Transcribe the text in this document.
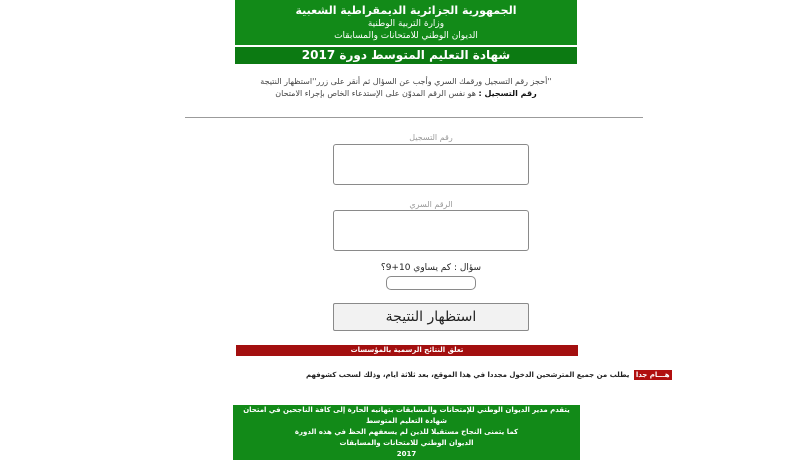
الجمهورية الجزائرية الديمقراطية الشعبية
وزارة التربية الوطنية
الديوان الوطني للامتحانات والمسابقات
شهادة التعليم المتوسط دورة 2017
أحجز رقم التسجيل ورقمك السري وأجب عن السؤال ثم أنقر على زرر''استظهار النتيجة''
رقم التسجيل : هو نفس الرقم المدوّن على الإستدعاء الخاص بإجراء الامتحان
رقم التسجيل
الرقم السري
سؤال : كم يساوي 10+9؟
استظهار النتيجة
تعلق النتائج الرسمية بالمؤسسات
هـــام جدا يطلب من جميع المترشحين الدخول مجددا في هذا الموقع، بعد ثلاثة ايام، وذلك لسحب كشوفهم
يتقدم مدير الديوان الوطني للإمتحانات والمسابقات بتهانيه الحارة إلى كافة الناجحين في امتحان شهادة التعليم المتوسط
كما يتمنى النجاح مستقبلا للذين لم يسعفهم الحظ في هذه الدورة
الديوان الوطني للامتحانات والمسابقات
2017
